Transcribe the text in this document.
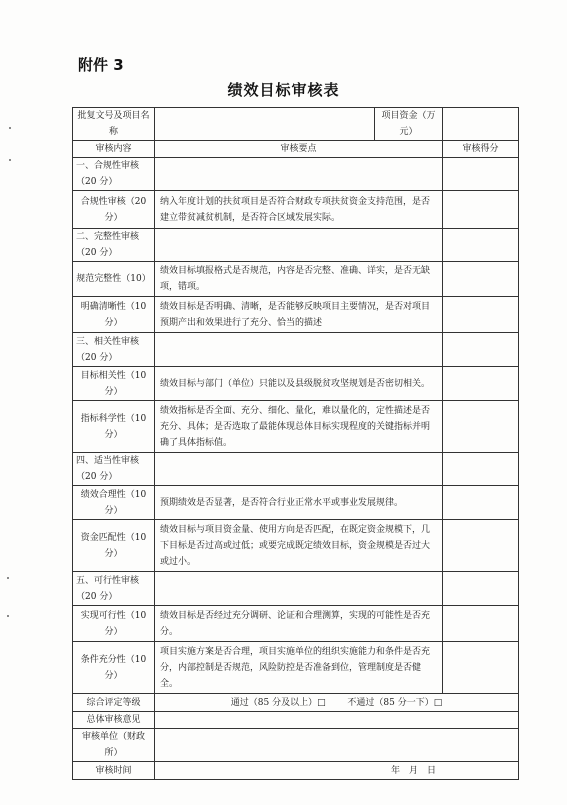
附件 3
绩效目标审核表
批复文号及项目名称		项目资金（万元）	
审核内容	审核要点		审核得分
一、合规性审核（20 分）			
合规性审核（20 分）	纳入年度计划的扶贫项目是否符合财政专项扶贫资金支持范围，是否建立带贫减贫机制，是否符合区域发展实际。		
二、完整性审核（20 分）			
规范完整性（10）	绩效目标填报格式是否规范，内容是否完整、准确、详实，是否无缺项，错项。		
明确清晰性（10 分）	绩效目标是否明确、清晰，是否能够反映项目主要情况，是否对项目预期产出和效果进行了充分、恰当的描述		
三、相关性审核（20 分）			
目标相关性（10 分）	绩效目标与部门（单位）只能以及县级脱贫攻坚规划是否密切相关。		
指标科学性（10 分）	绩效指标是否全面、充分、细化、量化，难以量化的，定性描述是否充分、具体；是否选取了最能体现总体目标实现程度的关键指标并明确了具体指标值。		
四、适当性审核（20 分）			
绩效合理性（10 分）	预期绩效是否显著，是否符合行业正常水平或事业发展规律。		
资金匹配性（10 分）	绩效目标与项目资金量、使用方向是否匹配，在既定资金规模下，几下目标是否过高或过低；或要完成既定绩效目标，资金规模是否过大或过小。		
五、可行性审核（20 分）			
实现可行性（10 分）	绩效目标是否经过充分调研、论证和合理测算，实现的可能性是否充分。		
条件充分性（10 分）	项目实施方案是否合理，项目实施单位的组织实施能力和条件是否充分，内部控制是否规范，风险防控是否准备到位，管理制度是否健全。		
综合评定等级	通过（85 分及以上）□ 不通过（85 分一下）□		
总体审核意见			
审核单位（财政所）			
审核时间	年　月　日		
